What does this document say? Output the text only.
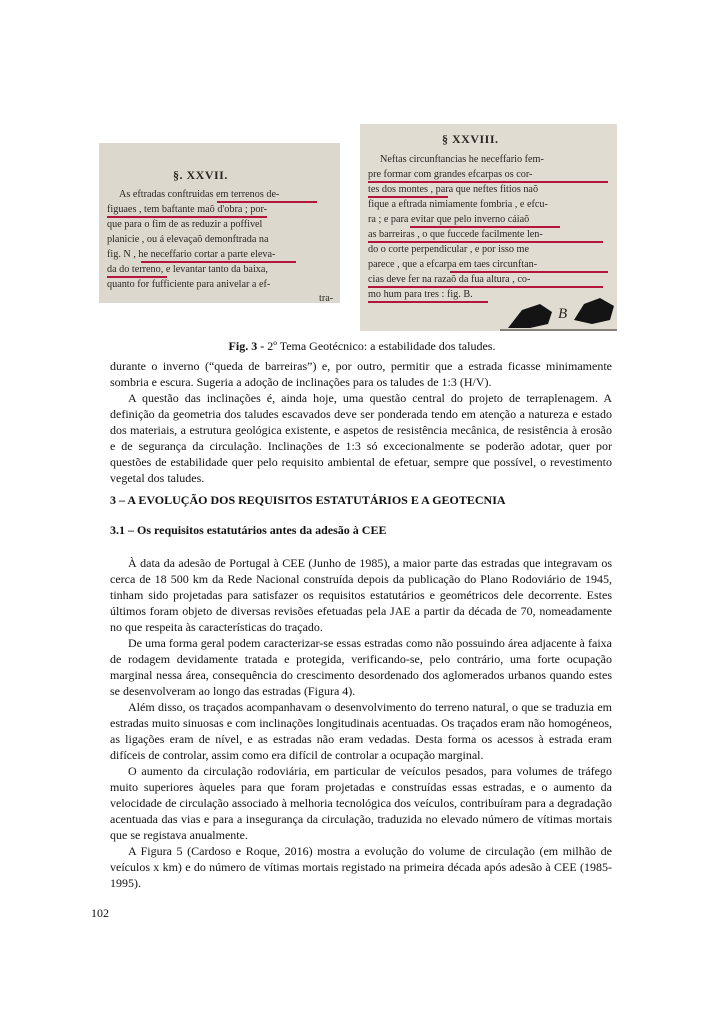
§. XXVII.
As eftradas conftruidas em terrenos de-
figuaes , tem baftante maõ d'obra ; por-
que para o fim de as reduzir a poffivel
planicie , ou á elevaçaõ demonftrada na
fig. N , he neceffario cortar a parte eleva-
da do terreno, e levantar tanto da baixa,
quanto for fufficiente para anivelar a ef-
tra-
§ XXVIII.
Neftas circunftancias he neceffario fem-
pre formar com grandes efcarpas os cor-
tes dos montes , para que neftes fitios naõ
fique a eftrada nimiamente fombria , e efcu-
ra ; e para evitar que pelo inverno cáiaõ
as barreiras , o que fuccede facilmente len-
do o corte perpendicular , e por isso me
parece , que a efcarpa em taes circunftan-
cias deve fer na razaõ da fua altura , co-
mo hum para tres : fig. B.
B
Fig. 3 - 2º Tema Geotécnico: a estabilidade dos taludes.

durante o inverno (“queda de barreiras”) e, por outro, permitir que a estrada ficasse minimamente sombria e escura. Sugeria a adoção de inclinações para os taludes de 1:3 (H/V).

A questão das inclinações é, ainda hoje, uma questão central do projeto de terraplenagem. A definição da geometria dos taludes escavados deve ser ponderada tendo em atenção a natureza e estado dos materiais, a estrutura geológica existente, e aspetos de resistência mecânica, de resistência à erosão e de segurança da circulação. Inclinações de 1:3 só excecionalmente se poderão adotar, quer por questões de estabilidade quer pelo requisito ambiental de efetuar, sempre que possível, o revestimento vegetal dos taludes.

3 – A EVOLUÇÃO DOS REQUISITOS ESTATUTÁRIOS E A GEOTECNIA
3.1 – Os requisitos estatutários antes da adesão à CEE

À data da adesão de Portugal à CEE (Junho de 1985), a maior parte das estradas que integravam os cerca de 18 500 km da Rede Nacional construída depois da publicação do Plano Rodoviário de 1945, tinham sido projetadas para satisfazer os requisitos estatutários e geométricos dele decorrente. Estes últimos foram objeto de diversas revisões efetuadas pela JAE a partir da década de 70, nomeadamente no que respeita às características do traçado.

De uma forma geral podem caracterizar-se essas estradas como não possuindo área adjacente à faixa de rodagem devidamente tratada e protegida, verificando-se, pelo contrário, uma forte ocupação marginal nessa área, consequência do crescimento desordenado dos aglomerados urbanos quando estes se desenvolveram ao longo das estradas (Figura 4).

Além disso, os traçados acompanhavam o desenvolvimento do terreno natural, o que se traduzia em estradas muito sinuosas e com inclinações longitudinais acentuadas. Os traçados eram não homogéneos, as ligações eram de nível, e as estradas não eram vedadas. Desta forma os acessos à estrada eram difíceis de controlar, assim como era difícil de controlar a ocupação marginal.

O aumento da circulação rodoviária, em particular de veículos pesados, para volumes de tráfego muito superiores àqueles para que foram projetadas e construídas essas estradas, e o aumento da velocidade de circulação associado à melhoria tecnológica dos veículos, contribuíram para a degradação acentuada das vias e para a insegurança da circulação, traduzida no elevado número de vítimas mortais que se registava anualmente.

A Figura 5 (Cardoso e Roque, 2016) mostra a evolução do volume de circulação (em milhão de veículos x km) e do número de vítimas mortais registado na primeira década após adesão à CEE (1985-1995).

102
